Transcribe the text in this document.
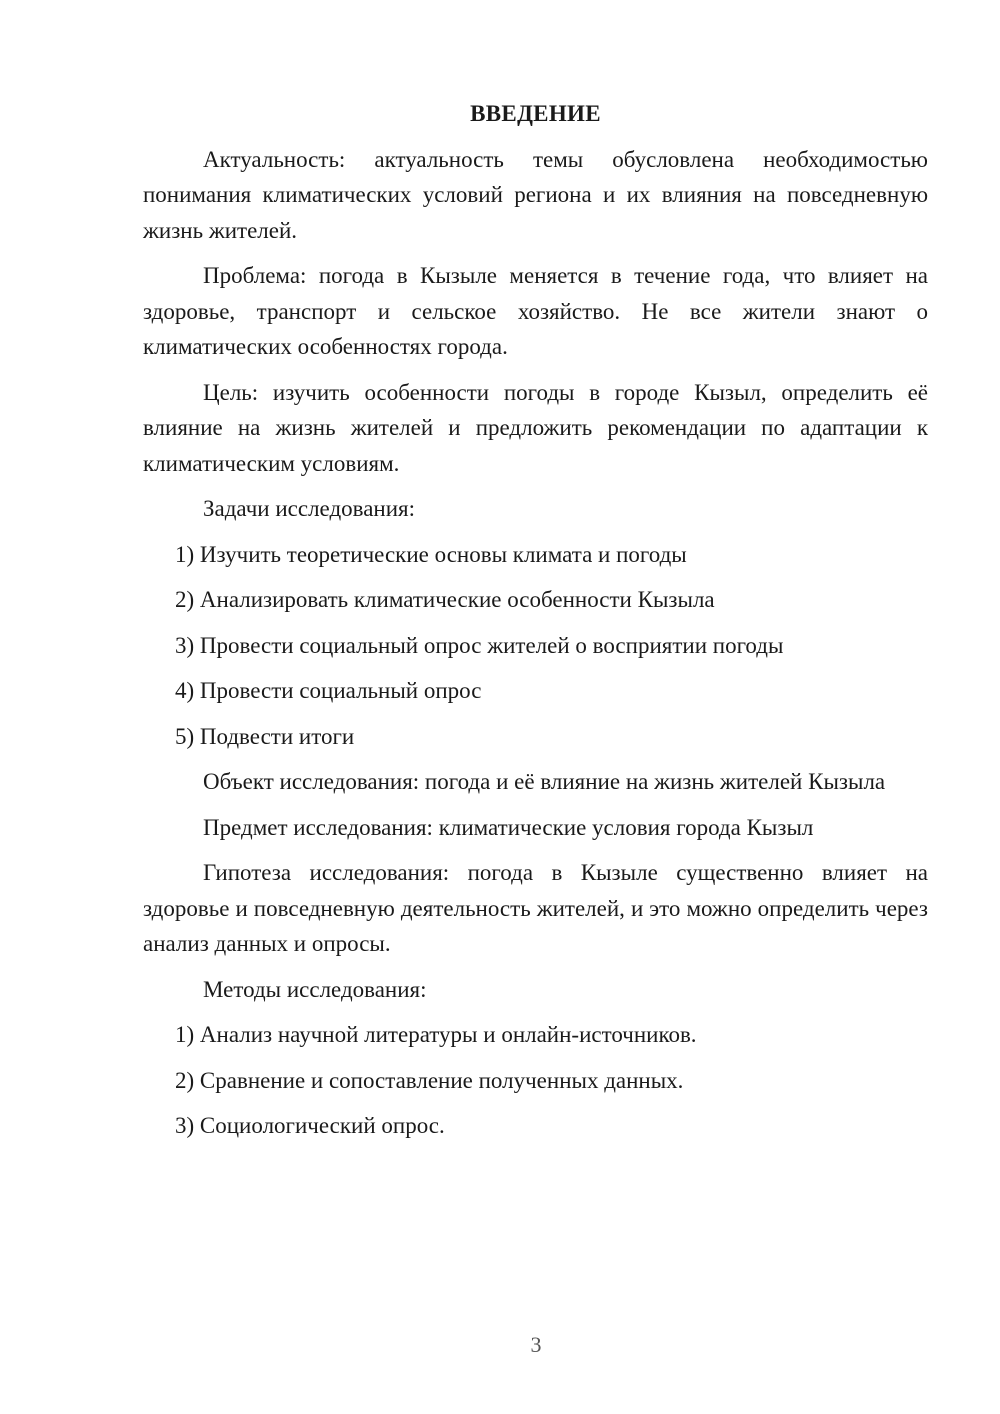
ВВЕДЕНИЕ

Актуальность: актуальность темы обусловлена необходимостью понимания климатических условий региона и их влияния на повседневную жизнь жителей.

Проблема: погода в Кызыле меняется в течение года, что влияет на здоровье, транспорт и сельское хозяйство. Не все жители знают о климатических особенностях города.

Цель: изучить особенности погоды в городе Кызыл, определить её влияние на жизнь жителей и предложить рекомендации по адаптации к климатическим условиям.

Задачи исследования:

1) Изучить теоретические основы климата и погоды
2) Анализировать климатические особенности Кызыла
3) Провести социальный опрос жителей о восприятии погоды
4) Провести социальный опрос
5) Подвести итоги

Объект исследования: погода и её влияние на жизнь жителей Кызыла

Предмет исследования: климатические условия города Кызыл

Гипотеза исследования: погода в Кызыле существенно влияет на здоровье и повседневную деятельность жителей, и это можно определить через анализ данных и опросы.

Методы исследования:

1) Анализ научной литературы и онлайн-источников.
2) Сравнение и сопоставление полученных данных.
3) Социологический опрос.
3
